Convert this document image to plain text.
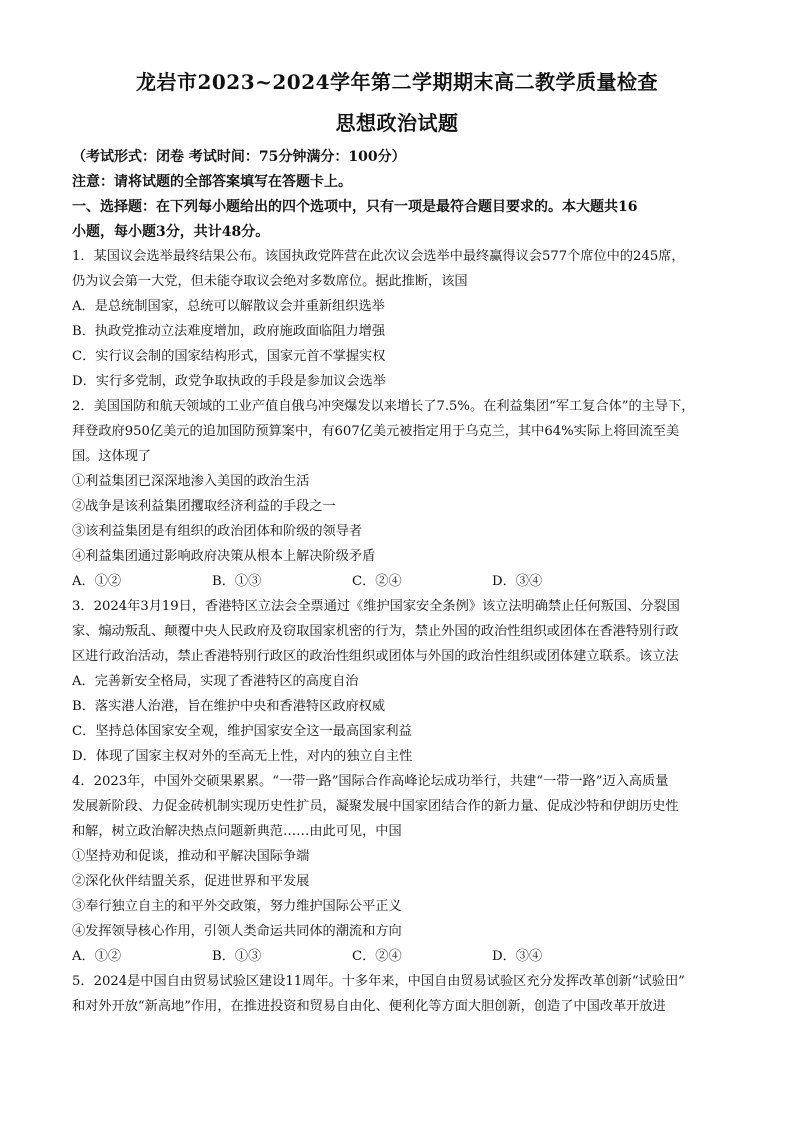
龙岩市2023~2024学年第二学期期末高二教学质量检查
思想政治试题
（考试形式：闭卷 考试时间：75分钟满分：100分）
注意：请将试题的全部答案填写在答题卡上。
一、选择题：在下列每小题给出的四个选项中，只有一项是最符合题目要求的。本大题共16
小题，每小题3分，共计48分。
1．某国议会选举最终结果公布。该国执政党阵营在此次议会选举中最终赢得议会577个席位中的245席，
仍为议会第一大党，但未能夺取议会绝对多数席位。据此推断，该国
A．是总统制国家，总统可以解散议会并重新组织选举
B．执政党推动立法难度增加，政府施政面临阻力增强
C．实行议会制的国家结构形式，国家元首不掌握实权
D．实行多党制，政党争取执政的手段是参加议会选举
2．美国国防和航天领域的工业产值自俄乌冲突爆发以来增长了7.5%。在利益集团“军工复合体”的主导下，
拜登政府950亿美元的追加国防预算案中，有607亿美元被指定用于乌克兰，其中64%实际上将回流至美
国。这体现了
①利益集团已深深地渗入美国的政治生活
②战争是该利益集团攫取经济利益的手段之一
③该利益集团是有组织的政治团体和阶级的领导者
④利益集团通过影响政府决策从根本上解决阶级矛盾
A．①②	B．①③	C．②④	D．③④
3．2024年3月19日，香港特区立法会全票通过《维护国家安全条例》该立法明确禁止任何叛国、分裂国
家、煽动叛乱、颠覆中央人民政府及窃取国家机密的行为，禁止外国的政治性组织或团体在香港特别行政
区进行政治活动，禁止香港特别行政区的政治性组织或团体与外国的政治性组织或团体建立联系。该立法
A．完善新安全格局，实现了香港特区的高度自治
B．落实港人治港，旨在维护中央和香港特区政府权威
C．坚持总体国家安全观，维护国家安全这一最高国家利益
D．体现了国家主权对外的至高无上性，对内的独立自主性
4．2023年，中国外交硕果累累。“一带一路”国际合作高峰论坛成功举行，共建“一带一路”迈入高质量
发展新阶段、力促金砖机制实现历史性扩员，凝聚发展中国家团结合作的新力量、促成沙特和伊朗历史性
和解，树立政治解决热点问题新典范……由此可见，中国
①坚持劝和促谈，推动和平解决国际争端
②深化伙伴结盟关系，促进世界和平发展
③奉行独立自主的和平外交政策，努力维护国际公平正义
④发挥领导核心作用，引领人类命运共同体的潮流和方向
A．①②	B．①③	C．②④	D．③④
5．2024是中国自由贸易试验区建设11周年。十多年来，中国自由贸易试验区充分发挥改革创新“试验田”
和对外开放“新高地”作用，在推进投资和贸易自由化、便利化等方面大胆创新，创造了中国改革开放进
